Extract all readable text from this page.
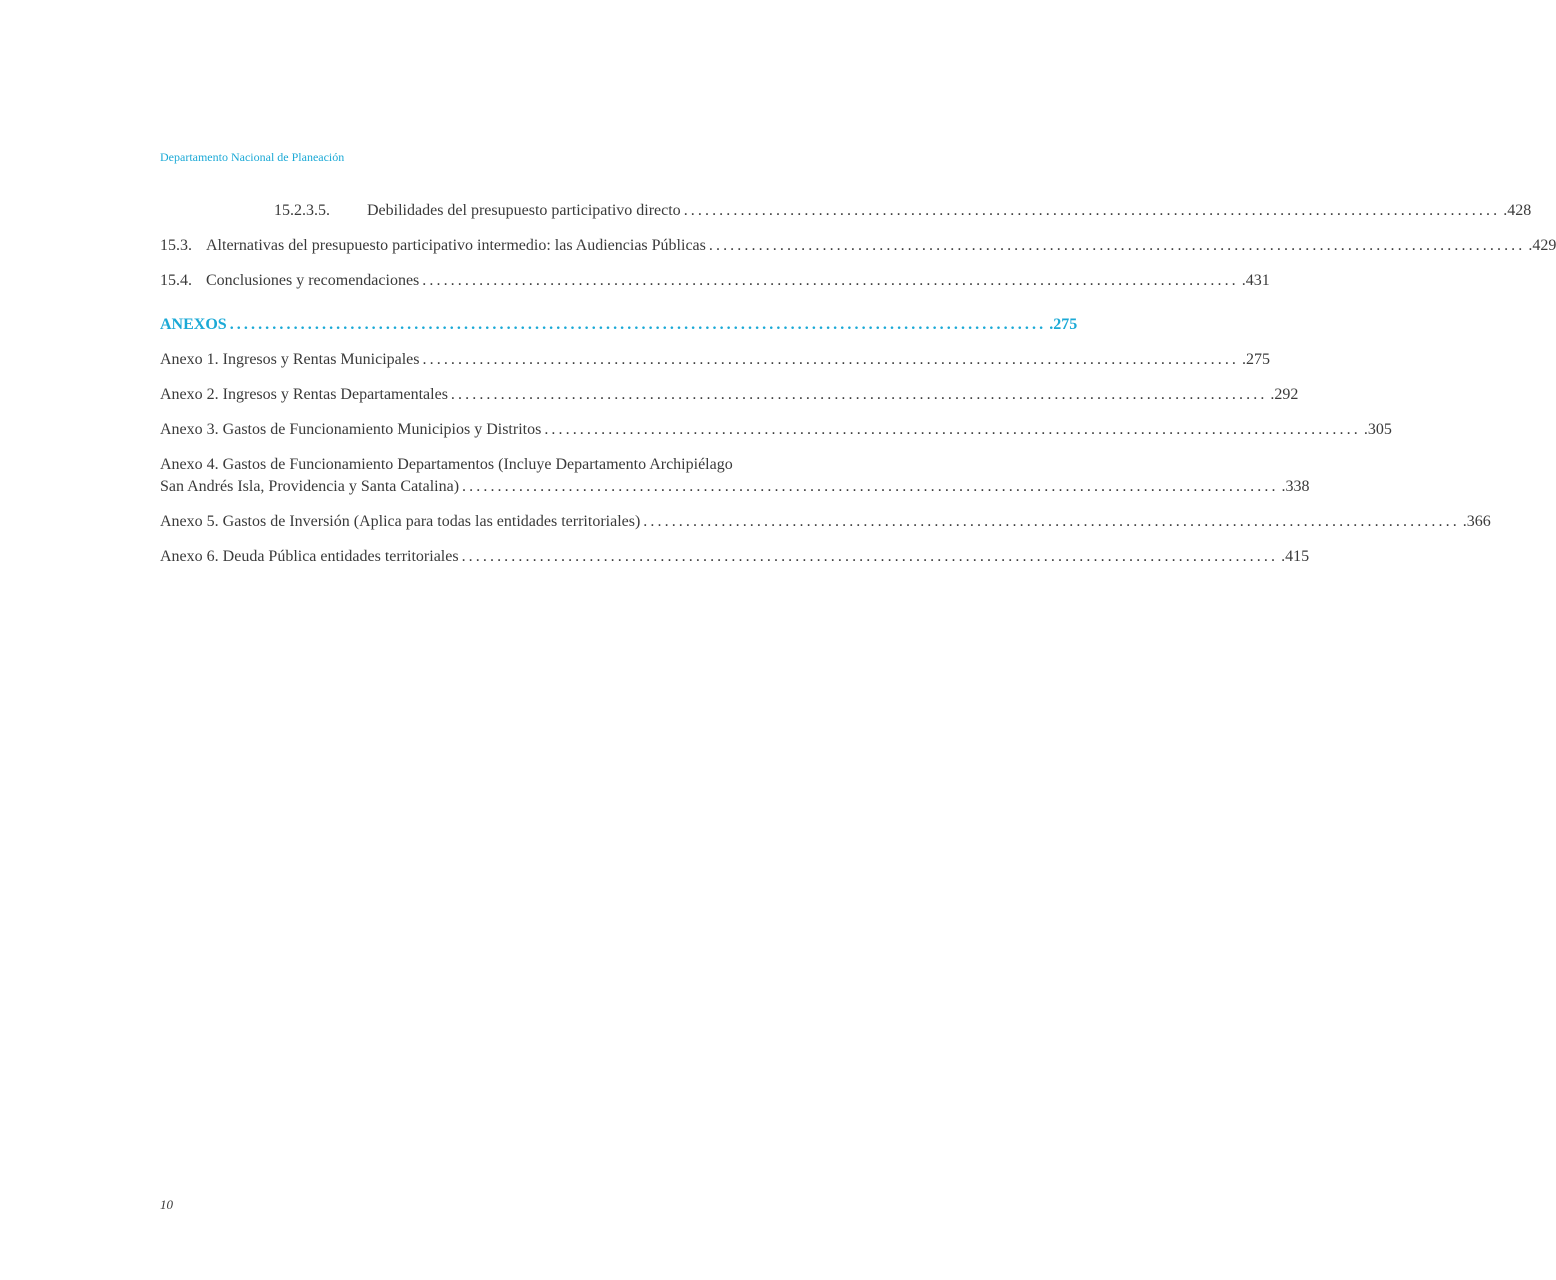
Departamento Nacional de Planeación
15.2.3.5.	Debilidades del presupuesto participativo directo ................................................................................................................... .428
15.3. Alternativas del presupuesto participativo intermedio: las Audiencias Públicas ................................................................................................................... .429
15.4. Conclusiones y recomendaciones ................................................................................................................... .431
ANEXOS ................................................................................................................... .275
Anexo 1. Ingresos y Rentas Municipales ................................................................................................................... .275
Anexo 2. Ingresos y Rentas Departamentales ................................................................................................................... .292
Anexo 3. Gastos de Funcionamiento Municipios y Distritos ................................................................................................................... .305
Anexo 4. Gastos de Funcionamiento Departamentos (Incluye Departamento Archipiélago
San Andrés Isla, Providencia y Santa Catalina) ................................................................................................................... .338
Anexo 5. Gastos de Inversión (Aplica para todas las entidades territoriales) ................................................................................................................... .366
Anexo 6. Deuda Pública entidades territoriales ................................................................................................................... .415
10
